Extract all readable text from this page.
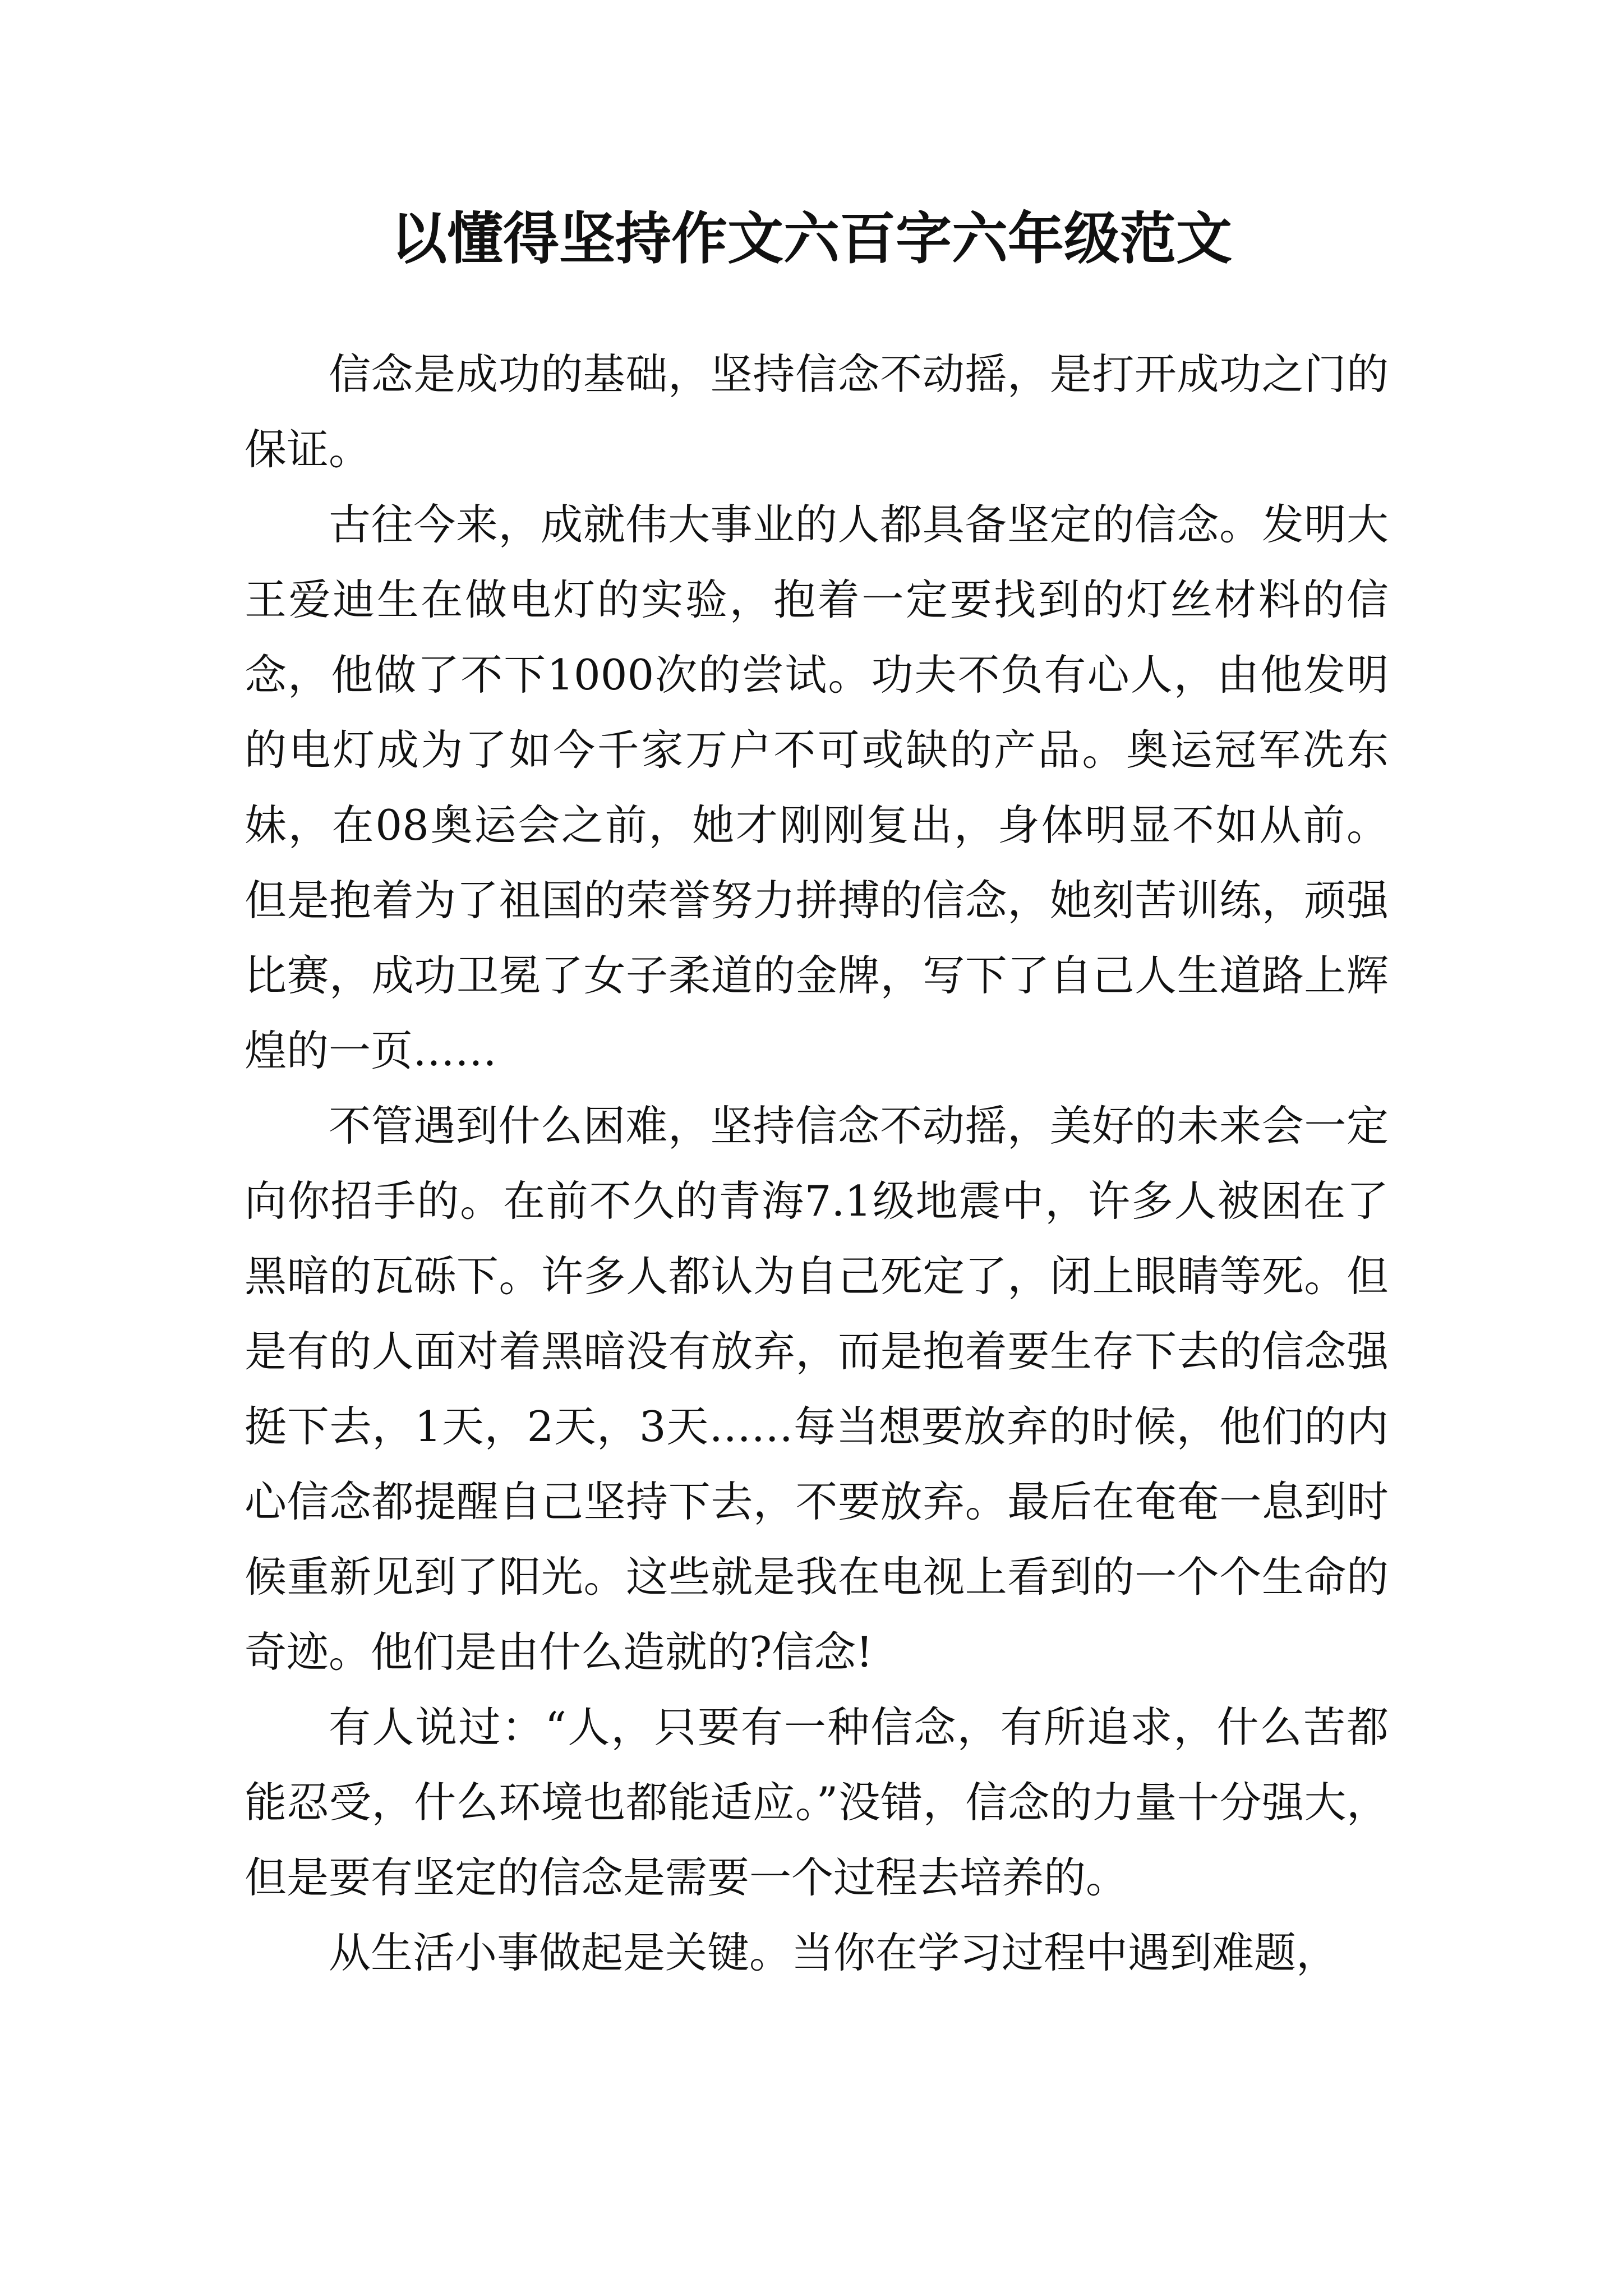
以懂得坚持作文六百字六年级范文

信念是成功的基础，坚持信念不动摇，是打开成功之门的保证。

古往今来，成就伟大事业的人都具备坚定的信念。发明大王爱迪生在做电灯的实验，抱着一定要找到的灯丝材料的信念，他做了不下1000次的尝试。功夫不负有心人，由他发明的电灯成为了如今千家万户不可或缺的产品。奥运冠军冼东妹，在08奥运会之前，她才刚刚复出，身体明显不如从前。但是抱着为了祖国的荣誉努力拼搏的信念，她刻苦训练，顽强比赛，成功卫冕了女子柔道的金牌，写下了自己人生道路上辉煌的一页……

不管遇到什么困难，坚持信念不动摇，美好的未来会一定向你招手的。在前不久的青海7.1级地震中，许多人被困在了黑暗的瓦砾下。许多人都认为自己死定了，闭上眼睛等死。但是有的人面对着黑暗没有放弃，而是抱着要生存下去的信念强挺下去，1天，2天，3天……每当想要放弃的时候，他们的内心信念都提醒自己坚持下去，不要放弃。最后在奄奄一息到时候重新见到了阳光。这些就是我在电视上看到的一个个生命的奇迹。他们是由什么造就的?信念!

有人说过：“人，只要有一种信念，有所追求，什么苦都能忍受，什么环境也都能适应。”没错，信念的力量十分强大，但是要有坚定的信念是需要一个过程去培养的。

从生活小事做起是关键。当你在学习过程中遇到难题，
